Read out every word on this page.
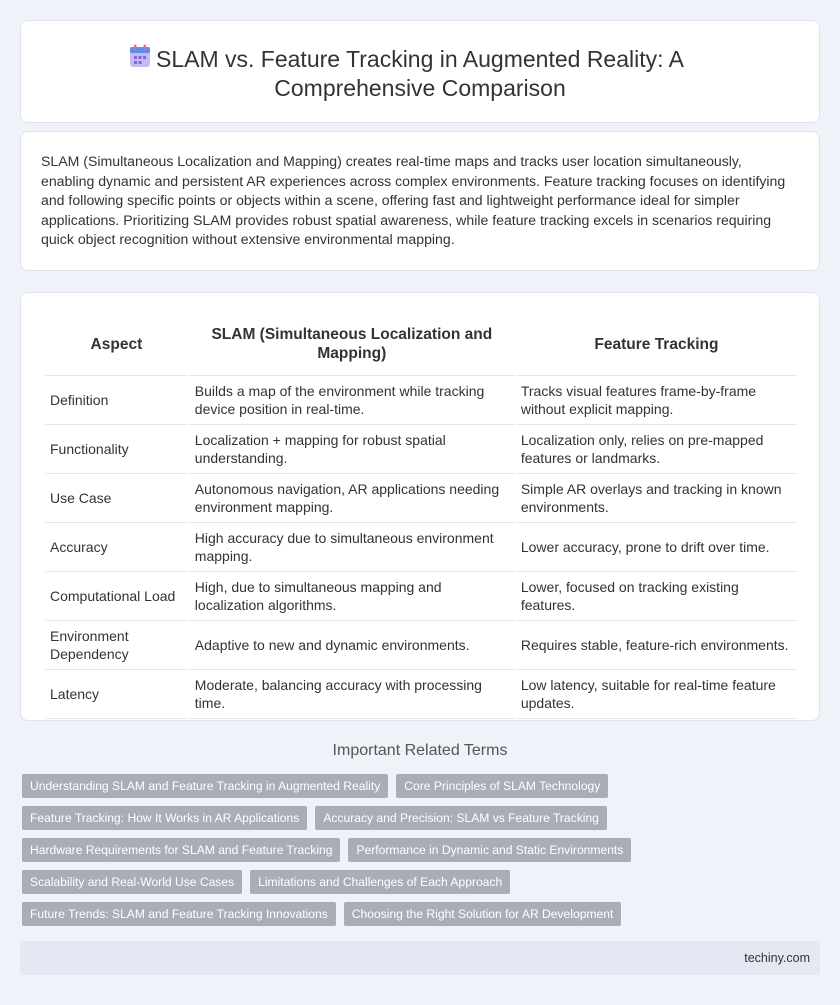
SLAM vs. Feature Tracking in Augmented Reality: A Comprehensive Comparison

SLAM (Simultaneous Localization and Mapping) creates real-time maps and tracks user location simultaneously, enabling dynamic and persistent AR experiences across complex environments. Feature tracking focuses on identifying and following specific points or objects within a scene, offering fast and lightweight performance ideal for simpler applications. Prioritizing SLAM provides robust spatial awareness, while feature tracking excels in scenarios requiring quick object recognition without extensive environmental mapping.

Aspect	SLAM (Simultaneous Localization and Mapping)	Feature Tracking
Definition	Builds a map of the environment while tracking device position in real-time.	Tracks visual features frame-by-frame without explicit mapping.
Functionality	Localization + mapping for robust spatial understanding.	Localization only, relies on pre-mapped features or landmarks.
Use Case	Autonomous navigation, AR applications needing environment mapping.	Simple AR overlays and tracking in known environments.
Accuracy	High accuracy due to simultaneous environment mapping.	Lower accuracy, prone to drift over time.
Computational Load	High, due to simultaneous mapping and localization algorithms.	Lower, focused on tracking existing features.
Environment Dependency	Adaptive to new and dynamic environments.	Requires stable, feature-rich environments.
Latency	Moderate, balancing accuracy with processing time.	Low latency, suitable for real-time feature updates.
Important Related Terms
Understanding SLAM and Feature Tracking in Augmented Reality	Core Principles of SLAM Technology
Feature Tracking: How It Works in AR Applications	Accuracy and Precision: SLAM vs Feature Tracking
Hardware Requirements for SLAM and Feature Tracking	Performance in Dynamic and Static Environments
Scalability and Real-World Use Cases	Limitations and Challenges of Each Approach
Future Trends: SLAM and Feature Tracking Innovations	Choosing the Right Solution for AR Development
techiny.com
